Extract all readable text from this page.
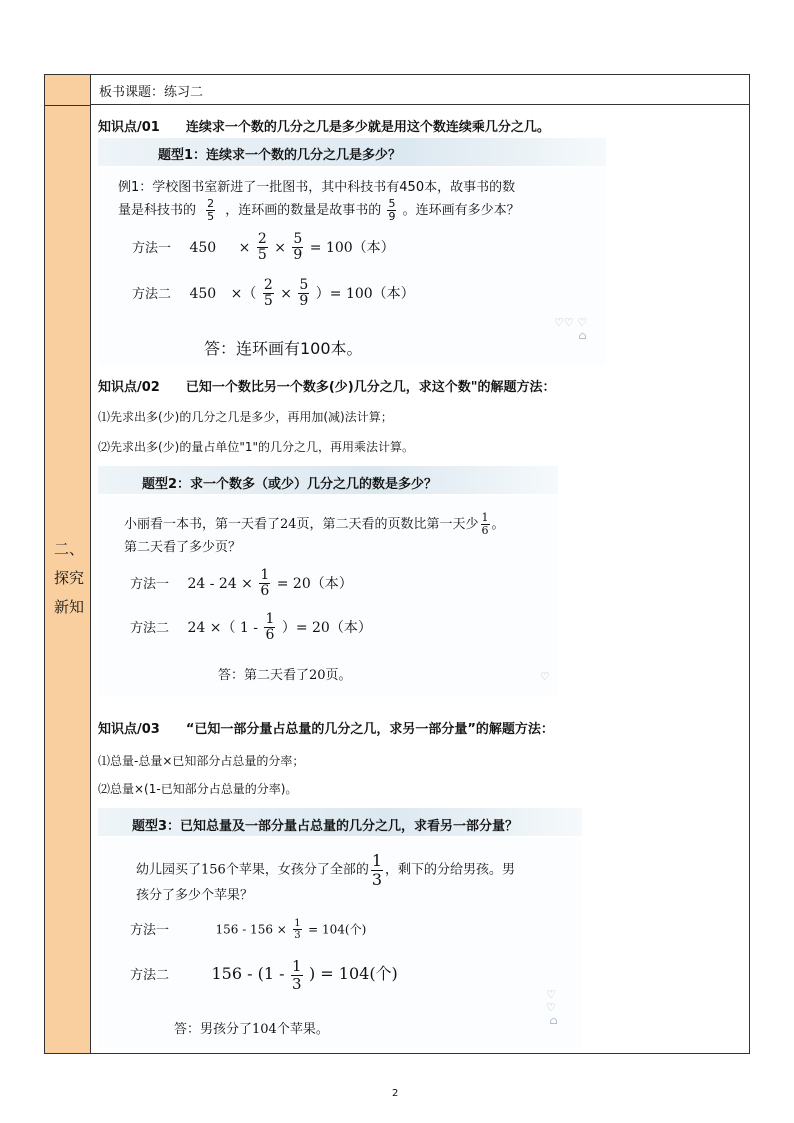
二、
探究
新知
板书课题：练习二
知识点/01 连续求一个数的几分之几是多少就是用这个数连续乘几分之几。
题型1：连续求一个数的几分之几是多少？
例1：学校图书室新进了一批图书，其中科技书有450本，故事书的数
量是科技书的 $\frac{2}{5}$ ，连环画的数量是故事书的 $\frac{5}{9}$ 。连环画有多少本？
方法一 $450 \times \frac{2}{5} \times \frac{5}{9} = 100$（本）
方法二 450 ×（ $\frac{2}{5} \times \frac{5}{9}$ ）= 100（本）
答：连环画有100本。
♡♡ ♡
⌂
知识点/02 已知一个数比另一个数多(少)几分之几，求这个数"的解题方法：
⑴先求出多(少)的几分之几是多少，再用加(减)法计算；
⑵先求出多(少)的量占单位"1"的几分之几，再用乘法计算。
题型2：求一个数多（或少）几分之几的数是多少？
小丽看一本书，第一天看了24页，第二天看的页数比第一天少 $\frac{1}{6}$ 。
第二天看了多少页？
方法一 $24 - 24 \times \frac{1}{6} = 20$（本）
方法二 24 ×（ $1 - \frac{1}{6}$ ）= 20（本）
答：第二天看了20页。	♡
知识点/03 “已知一部分量占总量的几分之几，求另一部分量”的解题方法：
⑴总量-总量×已知部分占总量的分率；
⑵总量×(1-已知部分占总量的分率)。
题型3：已知总量及一部分量占总量的几分之几，求看另一部分量？
幼儿园买了156个苹果，女孩分了全部的 $\frac{1}{3}$ ，剩下的分给男孩。男
孩分了多少个苹果？
方法一	$156 - 156 \times \frac{1}{3} = 104$(个)
方法二	$156 - (1 - \frac{1}{3}$ ) = 104(个)
答：男孩分了104个苹果。
♡
♡
⌂
2
